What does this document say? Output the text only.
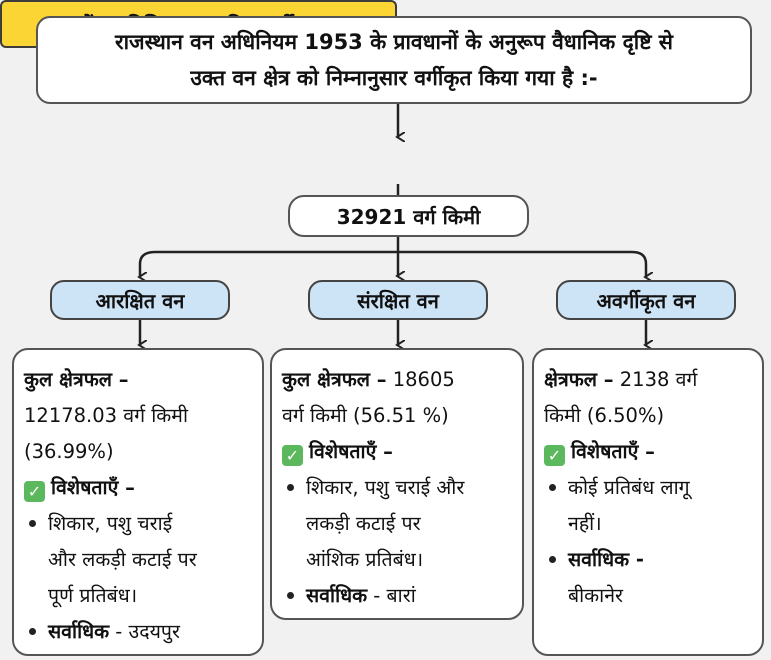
राजस्थान वन अधिनियम 1953 के प्रावधानों के अनुरूप वैधानिक दृष्टि से
उक्त वन क्षेत्र को निम्नानुसार वर्गीकृत किया गया है :-
32921 वर्ग किमी
आरक्षित वन	संरक्षित वन	अवर्गीकृत वन
कुल क्षेत्रफल –
12178.03 वर्ग किमी
(36.99%)
✓ विशेषताएँ –
शिकार, पशु चराई
और लकड़ी कटाई पर
पूर्ण प्रतिबंध।
सर्वाधिक - उदयपुर
कुल क्षेत्रफल – 18605
वर्ग किमी (56.51 %)
✓ विशेषताएँ –
शिकार, पशु चराई और
लकड़ी कटाई पर
आंशिक प्रतिबंध।
सर्वाधिक - बारां
क्षेत्रफल – 2138 वर्ग
किमी (6.50%)
✓ विशेषताएँ –
कोई प्रतिबंध लागू
नहीं।
सर्वाधिक -
बीकानेर
